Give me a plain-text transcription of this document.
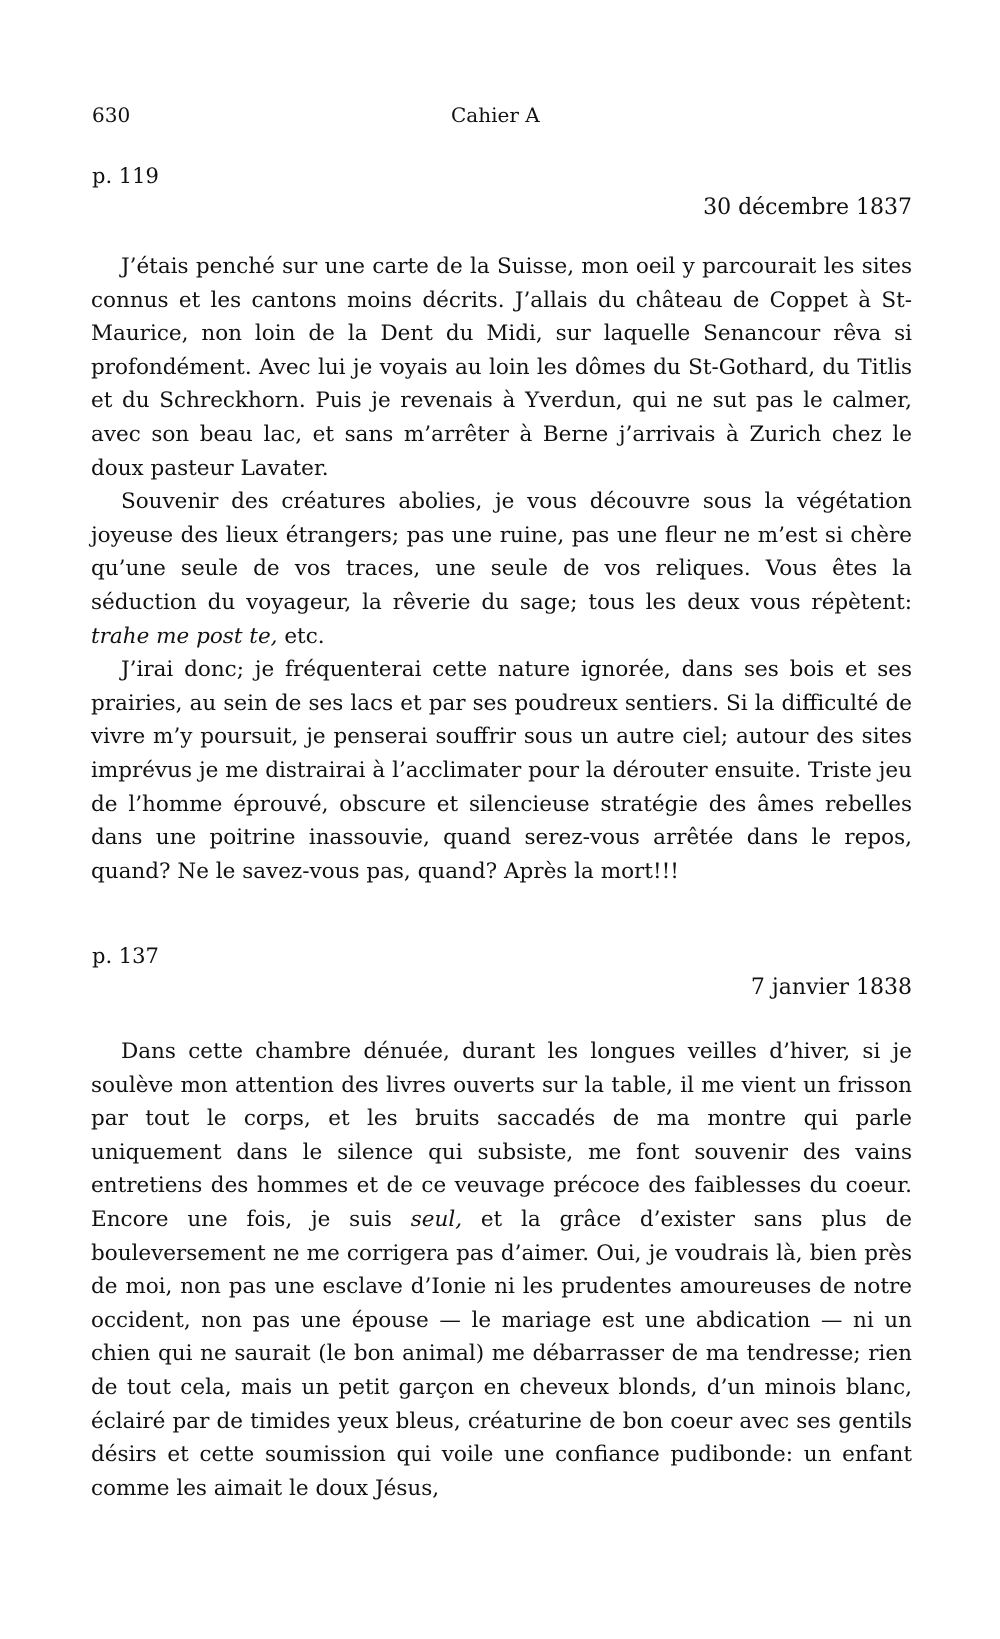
630	Cahier A
p. 119
30 décembre 1837

J’étais penché sur une carte de la Suisse, mon oeil y parcourait les sites connus et les cantons moins décrits. J’allais du château de Coppet à St-Maurice, non loin de la Dent du Midi, sur laquelle Senancour rêva si profondément. Avec lui je voyais au loin les dômes du St-Gothard, du Titlis et du Schreckhorn. Puis je revenais à Yverdun, qui ne sut pas le calmer, avec son beau lac, et sans m’arrêter à Berne j’arrivais à Zurich chez le doux pasteur Lavater.

Souvenir des créatures abolies, je vous découvre sous la végétation joyeuse des lieux étrangers; pas une ruine, pas une fleur ne m’est si chère qu’une seule de vos traces, une seule de vos reliques. Vous êtes la séduction du voyageur, la rêverie du sage; tous les deux vous répètent: trahe me post te, etc.

J’irai donc; je fréquenterai cette nature ignorée, dans ses bois et ses prairies, au sein de ses lacs et par ses poudreux sentiers. Si la difficulté de vivre m’y poursuit, je penserai souffrir sous un autre ciel; autour des sites imprévus je me distrairai à l’acclimater pour la dérouter ensuite. Triste jeu de l’homme éprouvé, obscure et silencieuse stratégie des âmes rebelles dans une poitrine inassouvie, quand serez-vous arrêtée dans le repos, quand? Ne le savez-vous pas, quand? Après la mort!!!

p. 137
7 janvier 1838

Dans cette chambre dénuée, durant les longues veilles d’hiver, si je soulève mon attention des livres ouverts sur la table, il me vient un frisson par tout le corps, et les bruits saccadés de ma montre qui parle uniquement dans le silence qui subsiste, me font souvenir des vains entretiens des hommes et de ce veuvage précoce des faiblesses du coeur. Encore une fois, je suis seul, et la grâce d’exister sans plus de bouleversement ne me corrigera pas d’aimer. Oui, je voudrais là, bien près de moi, non pas une esclave d’Ionie ni les prudentes amoureuses de notre occident, non pas une épouse — le mariage est une abdication — ni un chien qui ne saurait (le bon animal) me débarrasser de ma tendresse; rien de tout cela, mais un petit garçon en cheveux blonds, d’un minois blanc, éclairé par de timides yeux bleus, créaturine de bon coeur avec ses gentils désirs et cette soumission qui voile une confiance pudibonde: un enfant comme les aimait le doux Jésus,
